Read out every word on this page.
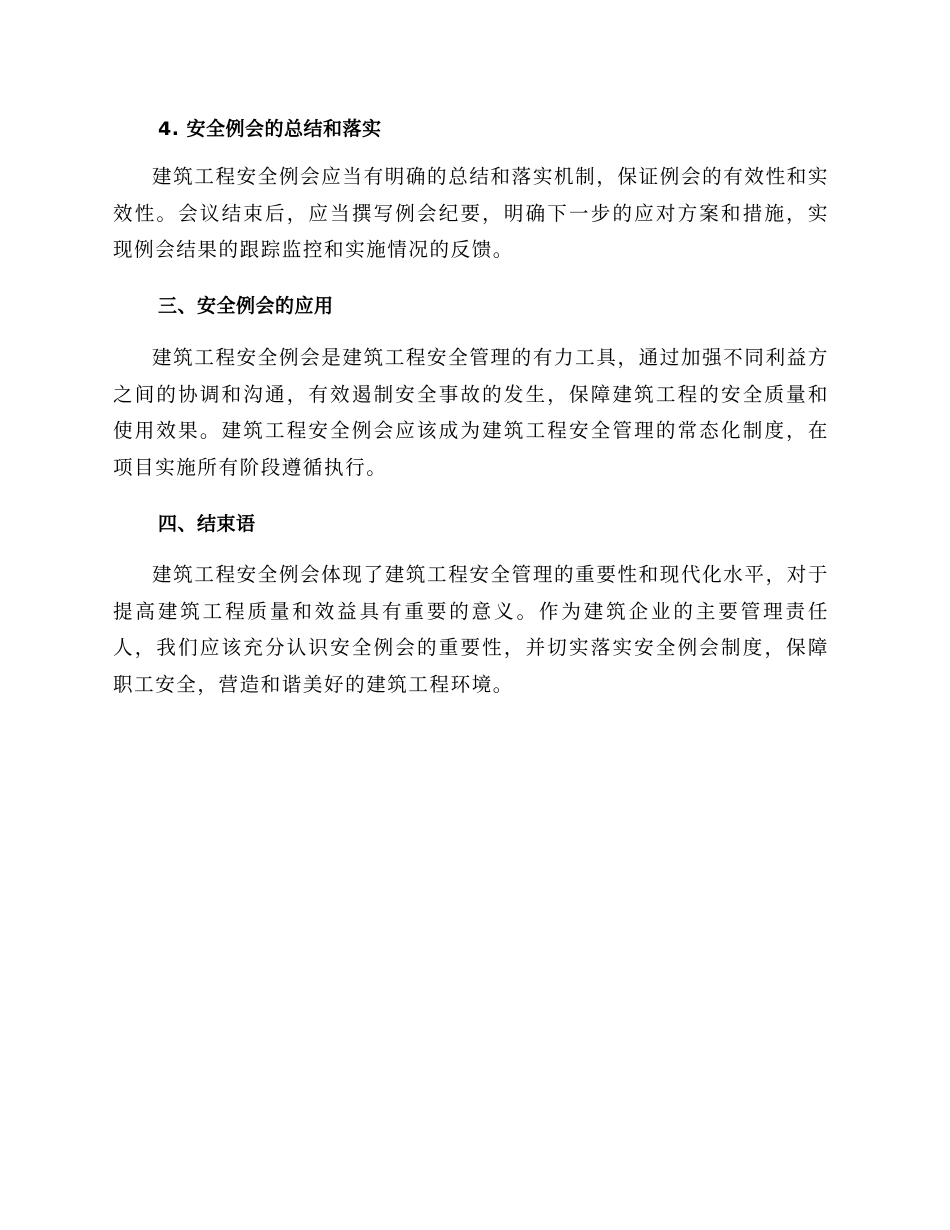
4. 安全例会的总结和落实

建筑工程安全例会应当有明确的总结和落实机制，保证例会的有效性和实效性。会议结束后，应当撰写例会纪要，明确下一步的应对方案和措施，实现例会结果的跟踪监控和实施情况的反馈。

三、安全例会的应用

建筑工程安全例会是建筑工程安全管理的有力工具，通过加强不同利益方之间的协调和沟通，有效遏制安全事故的发生，保障建筑工程的安全质量和使用效果。建筑工程安全例会应该成为建筑工程安全管理的常态化制度，在项目实施所有阶段遵循执行。

四、结束语

建筑工程安全例会体现了建筑工程安全管理的重要性和现代化水平，对于提高建筑工程质量和效益具有重要的意义。作为建筑企业的主要管理责任人，我们应该充分认识安全例会的重要性，并切实落实安全例会制度，保障职工安全，营造和谐美好的建筑工程环境。
